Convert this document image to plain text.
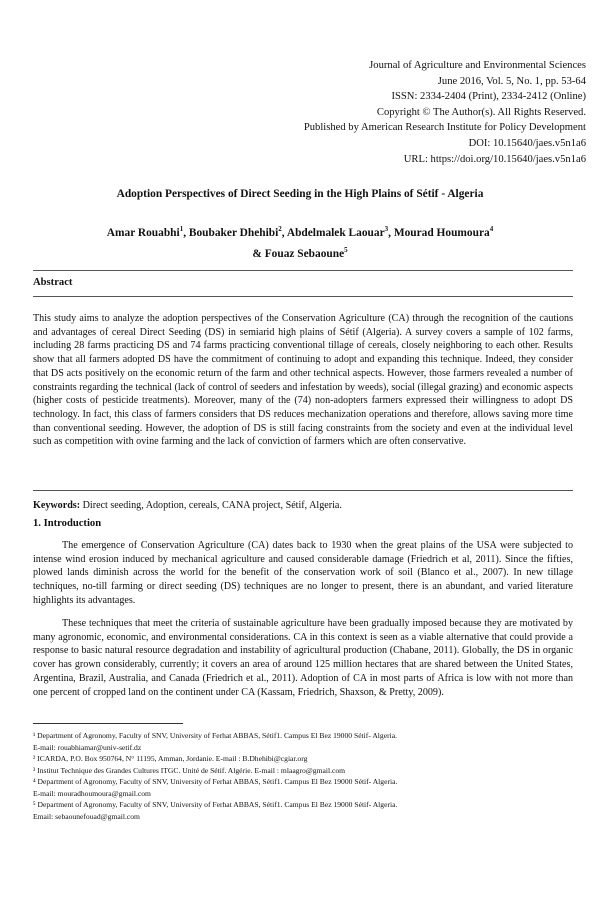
Journal of Agriculture and Environmental Sciences
June 2016, Vol. 5, No. 1, pp. 53-64
ISSN: 2334-2404 (Print), 2334-2412 (Online)
Copyright © The Author(s). All Rights Reserved.
Published by American Research Institute for Policy Development
DOI: 10.15640/jaes.v5n1a6
URL: https://doi.org/10.15640/jaes.v5n1a6
Adoption Perspectives of Direct Seeding in the High Plains of Sétif - Algeria
Amar Rouabhi$^1$, Boubaker Dhehibi$^2$, Abdelmalek Laouar$^3$, Mourad Houmoura$^4$
& Fouaz Sebaoune$^5$
Abstract
This study aims to analyze the adoption perspectives of the Conservation Agriculture (CA) through the recognition of the cautions and advantages of cereal Direct Seeding (DS) in semiarid high plains of Sétif (Algeria). A survey covers a sample of 102 farms, including 28 farms practicing DS and 74 farms practicing conventional tillage of cereals, closely neighboring to each other. Results show that all farmers adopted DS have the commitment of continuing to adopt and expanding this technique. Indeed, they consider that DS acts positively on the economic return of the farm and other technical aspects. However, those farmers revealed a number of constraints regarding the technical (lack of control of seeders and infestation by weeds), social (illegal grazing) and economic aspects (higher costs of pesticide treatments). Moreover, many of the (74) non-adopters farmers expressed their willingness to adopt DS technology. In fact, this class of farmers considers that DS reduces mechanization operations and therefore, allows saving more time than conventional seeding. However, the adoption of DS is still facing constraints from the society and even at the individual level such as competition with ovine farming and the lack of conviction of farmers which are often conservative.
Keywords: Direct seeding, Adoption, cereals, CANA project, Sétif, Algeria.
1. Introduction
The emergence of Conservation Agriculture (CA) dates back to 1930 when the great plains of the USA were subjected to intense wind erosion induced by mechanical agriculture and caused considerable damage (Friedrich et al, 2011). Since the fifties, plowed lands diminish across the world for the benefit of the conservation work of soil (Blanco et al., 2007). In new tillage techniques, no-till farming or direct seeding (DS) techniques are no longer to present, there is an abundant, and varied literature highlights its advantages.
These techniques that meet the criteria of sustainable agriculture have been gradually imposed because they are motivated by many agronomic, economic, and environmental considerations. CA in this context is seen as a viable alternative that could provide a response to basic natural resource degradation and instability of agricultural production (Chabane, 2011). Globally, the DS in organic cover has grown considerably, currently; it covers an area of around 125 million hectares that are shared between the United States, Argentina, Brazil, Australia, and Canada (Friedrich et al., 2011). Adoption of CA in most parts of Africa is low with not more than one percent of cropped land on the continent under CA (Kassam, Friedrich, Shaxson, & Pretty, 2009).
¹ Department of Agronomy, Faculty of SNV, University of Ferhat ABBAS, Sétif1. Campus El Bez 19000 Sétif- Algeria.
E-mail: rouabhiamar@univ-setif.dz
² ICARDA, P.O. Box 950764, N° 11195, Amman, Jordanie. E-mail : B.Dhehibi@cgiar.org
³ Institut Technique des Grandes Cultures ITGC. Unité de Sétif. Algérie. E-mail : mlaagro@gmail.com
⁴ Department of Agronomy, Faculty of SNV, University of Ferhat ABBAS, Sétif1. Campus El Bez 19000 Sétif- Algeria.
E-mail: mouradhoumoura@gmail.com
⁵ Department of Agronomy, Faculty of SNV, University of Ferhat ABBAS, Sétif1. Campus El Bez 19000 Sétif- Algeria.
Email: sebaounefouad@gmail.com
